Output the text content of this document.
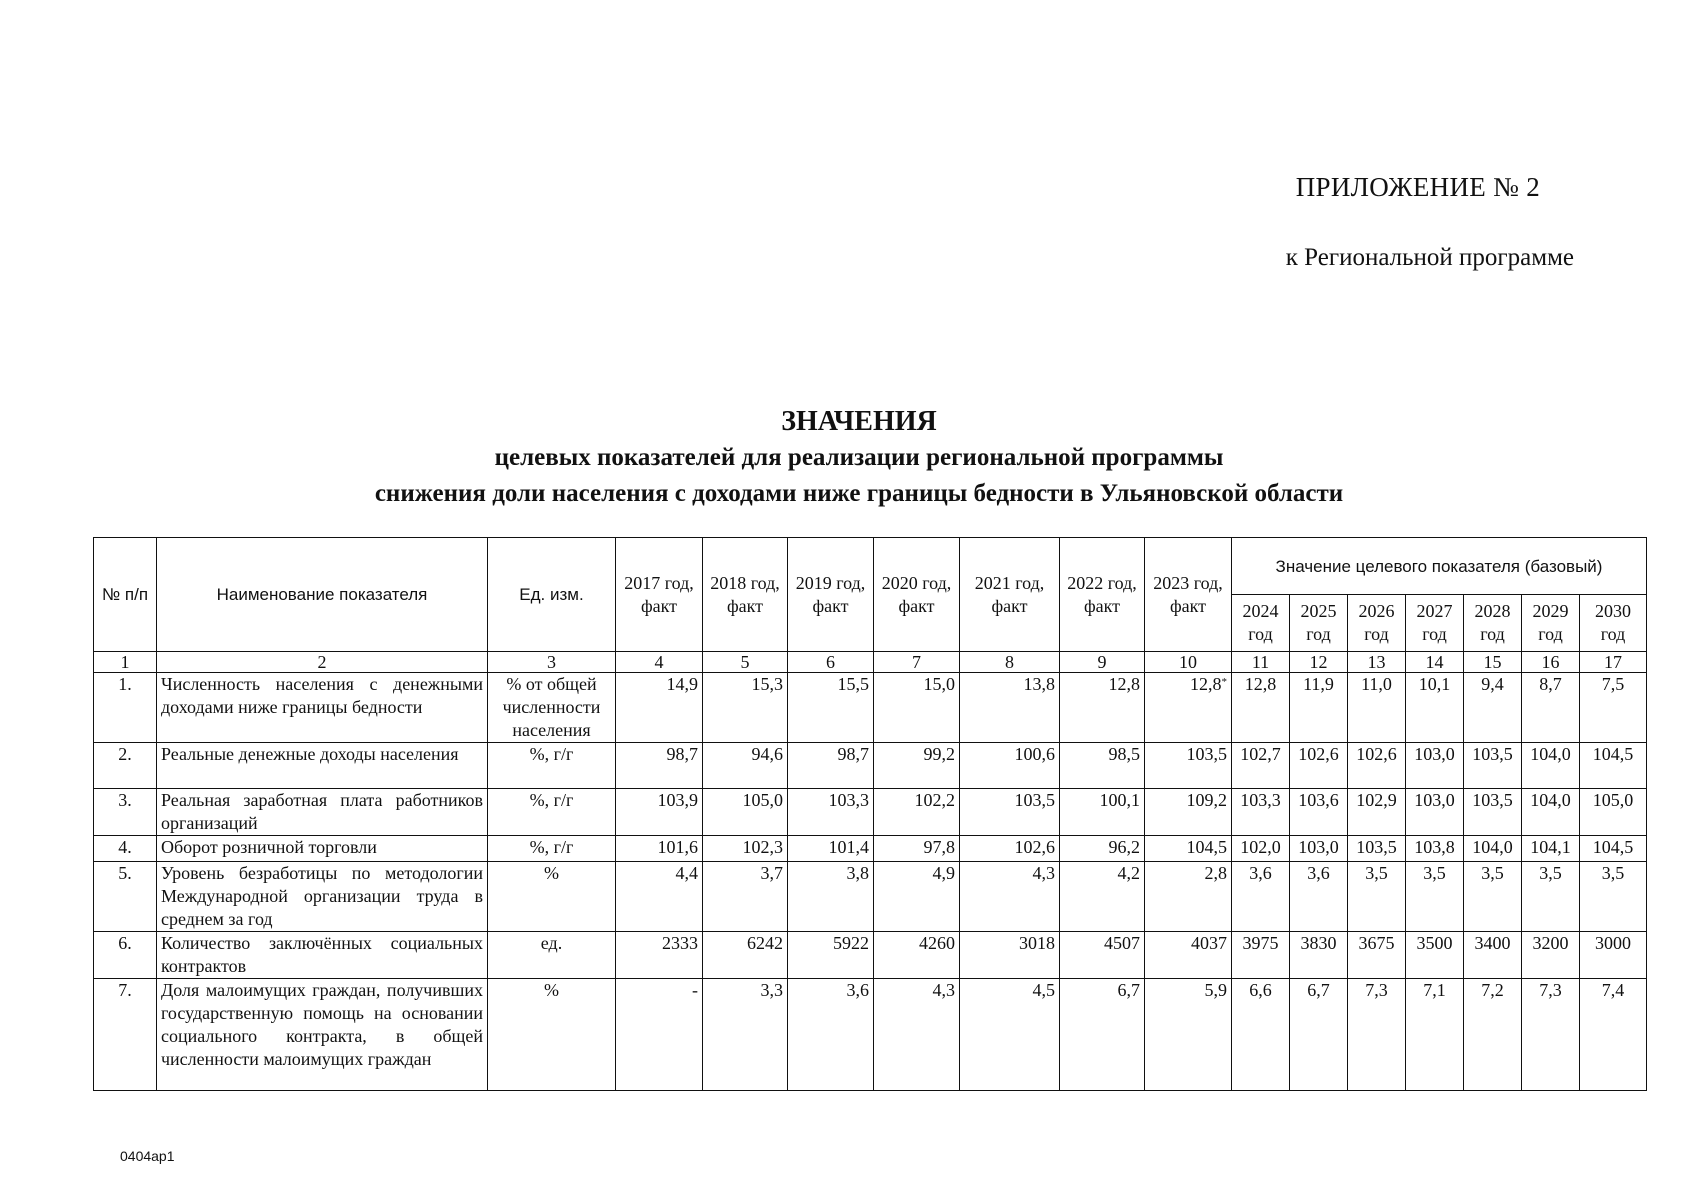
ПРИЛОЖЕНИЕ № 2
к Региональной программе
ЗНАЧЕНИЯ
целевых показателей для реализации региональной программы
снижения доли населения с доходами ниже границы бедности в Ульяновской области
№ п/п	Наименование показателя	Ед. изм.	2017 год, факт	2018 год, факт	2019 год, факт	2020 год, факт	2021 год, факт	2022 год, факт	2023 год, факт	Значение целевого показателя (базовый)						
										2024 год	2025 год	2026 год	2027 год	2028 год	2029 год	2030 год
1	2	3	4	5	6	7	8	9	10	11	12	13	14	15	16	17
1.	Численность населения с денежными доходами ниже границы бедности	% от общей численности населения	14,9	15,3	15,5	15,0	13,8	12,8	12,8*	12,8	11,9	11,0	10,1	9,4	8,7	7,5
2.	Реальные денежные доходы населения	%, г/г	98,7	94,6	98,7	99,2	100,6	98,5	103,5	102,7	102,6	102,6	103,0	103,5	104,0	104,5
3.	Реальная заработная плата работников организаций	%, г/г	103,9	105,0	103,3	102,2	103,5	100,1	109,2	103,3	103,6	102,9	103,0	103,5	104,0	105,0
4.	Оборот розничной торговли	%, г/г	101,6	102,3	101,4	97,8	102,6	96,2	104,5	102,0	103,0	103,5	103,8	104,0	104,1	104,5
5.	Уровень безработицы по методологии Международной организации труда в среднем за год	%	4,4	3,7	3,8	4,9	4,3	4,2	2,8	3,6	3,6	3,5	3,5	3,5	3,5	3,5
6.	Количество заключённых социальных контрактов	ед.	2333	6242	5922	4260	3018	4507	4037	3975	3830	3675	3500	3400	3200	3000
7.	Доля малоимущих граждан, получивших государственную помощь на основании социального контракта, в общей численности малоимущих граждан	%	-	3,3	3,6	4,3	4,5	6,7	5,9	6,6	6,7	7,3	7,1	7,2	7,3	7,4
0404ap1
